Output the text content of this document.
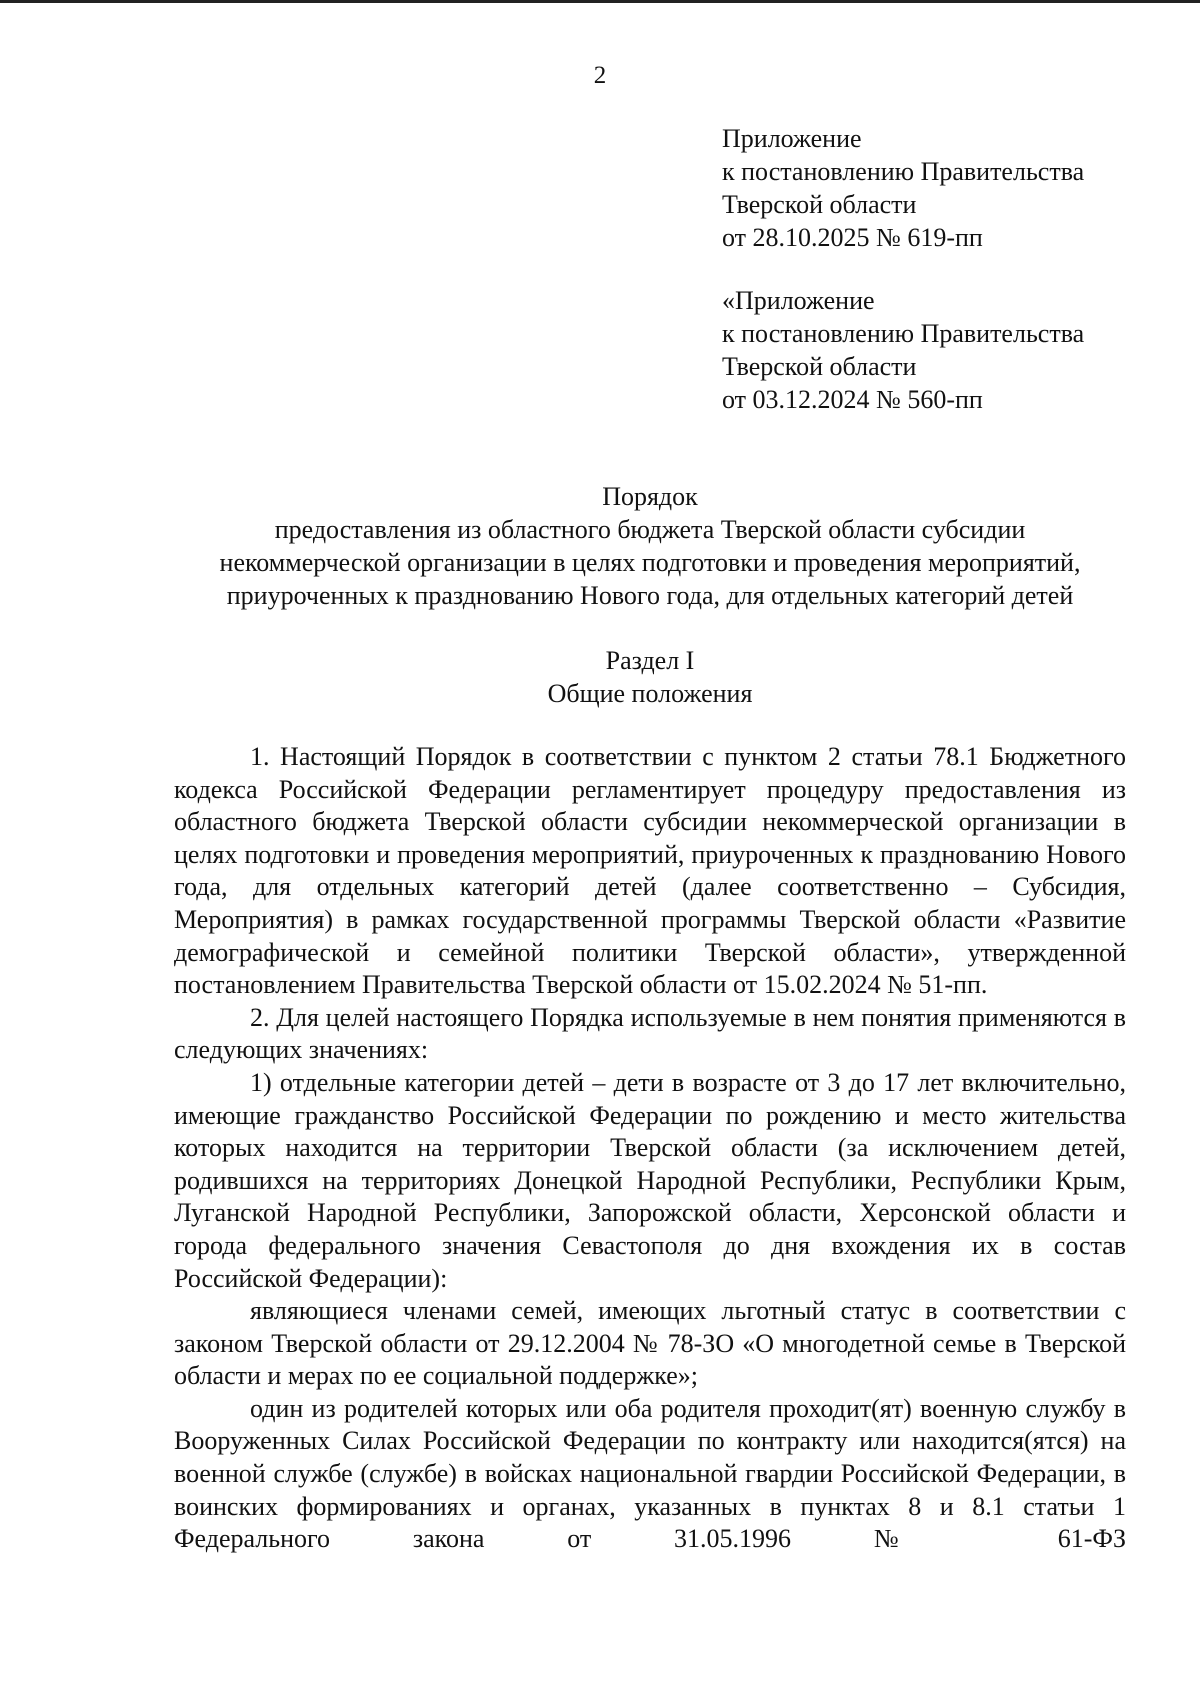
2
Приложение
к постановлению Правительства
Тверской области
от 28.10.2025 № 619-пп
«Приложение
к постановлению Правительства
Тверской области
от 03.12.2024 № 560-пп
Порядок
предоставления из областного бюджета Тверской области субсидии
некоммерческой организации в целях подготовки и проведения мероприятий,
приуроченных к празднованию Нового года, для отдельных категорий детей
Раздел I
Общие положения

1. Настоящий Порядок в соответствии с пунктом 2 статьи 78.1 Бюджетного кодекса Российской Федерации регламентирует процедуру предоставления из областного бюджета Тверской области субсидии некоммерческой организации в целях подготовки и проведения мероприятий, приуроченных к празднованию Нового года, для отдельных категорий детей (далее соответственно – Субсидия, Мероприятия) в рамках государственной программы Тверской области «Развитие демографической и семейной политики Тверской области», утвержденной постановлением Правительства Тверской области от 15.02.2024 № 51-пп.

2. Для целей настоящего Порядка используемые в нем понятия применяются в следующих значениях:

1) отдельные категории детей – дети в возрасте от 3 до 17 лет включительно, имеющие гражданство Российской Федерации по рождению и место жительства которых находится на территории Тверской области (за исключением детей, родившихся на территориях Донецкой Народной Республики, Республики Крым, Луганской Народной Республики, Запорожской области, Херсонской области и города федерального значения Севастополя до дня вхождения их в состав Российской Федерации):

являющиеся членами семей, имеющих льготный статус в соответствии с законом Тверской области от 29.12.2004 № 78-ЗО «О многодетной семье в Тверской области и мерах по ее социальной поддержке»;

один из родителей которых или оба родителя проходит(ят) военную службу в Вооруженных Силах Российской Федерации по контракту или находится(ятся) на военной службе (службе) в войсках национальной гвардии Российской Федерации, в воинских формированиях и органах, указанных в пунктах 8 и 8.1 статьи 1 Федерального закона от 31.05.1996 № 61-ФЗ
